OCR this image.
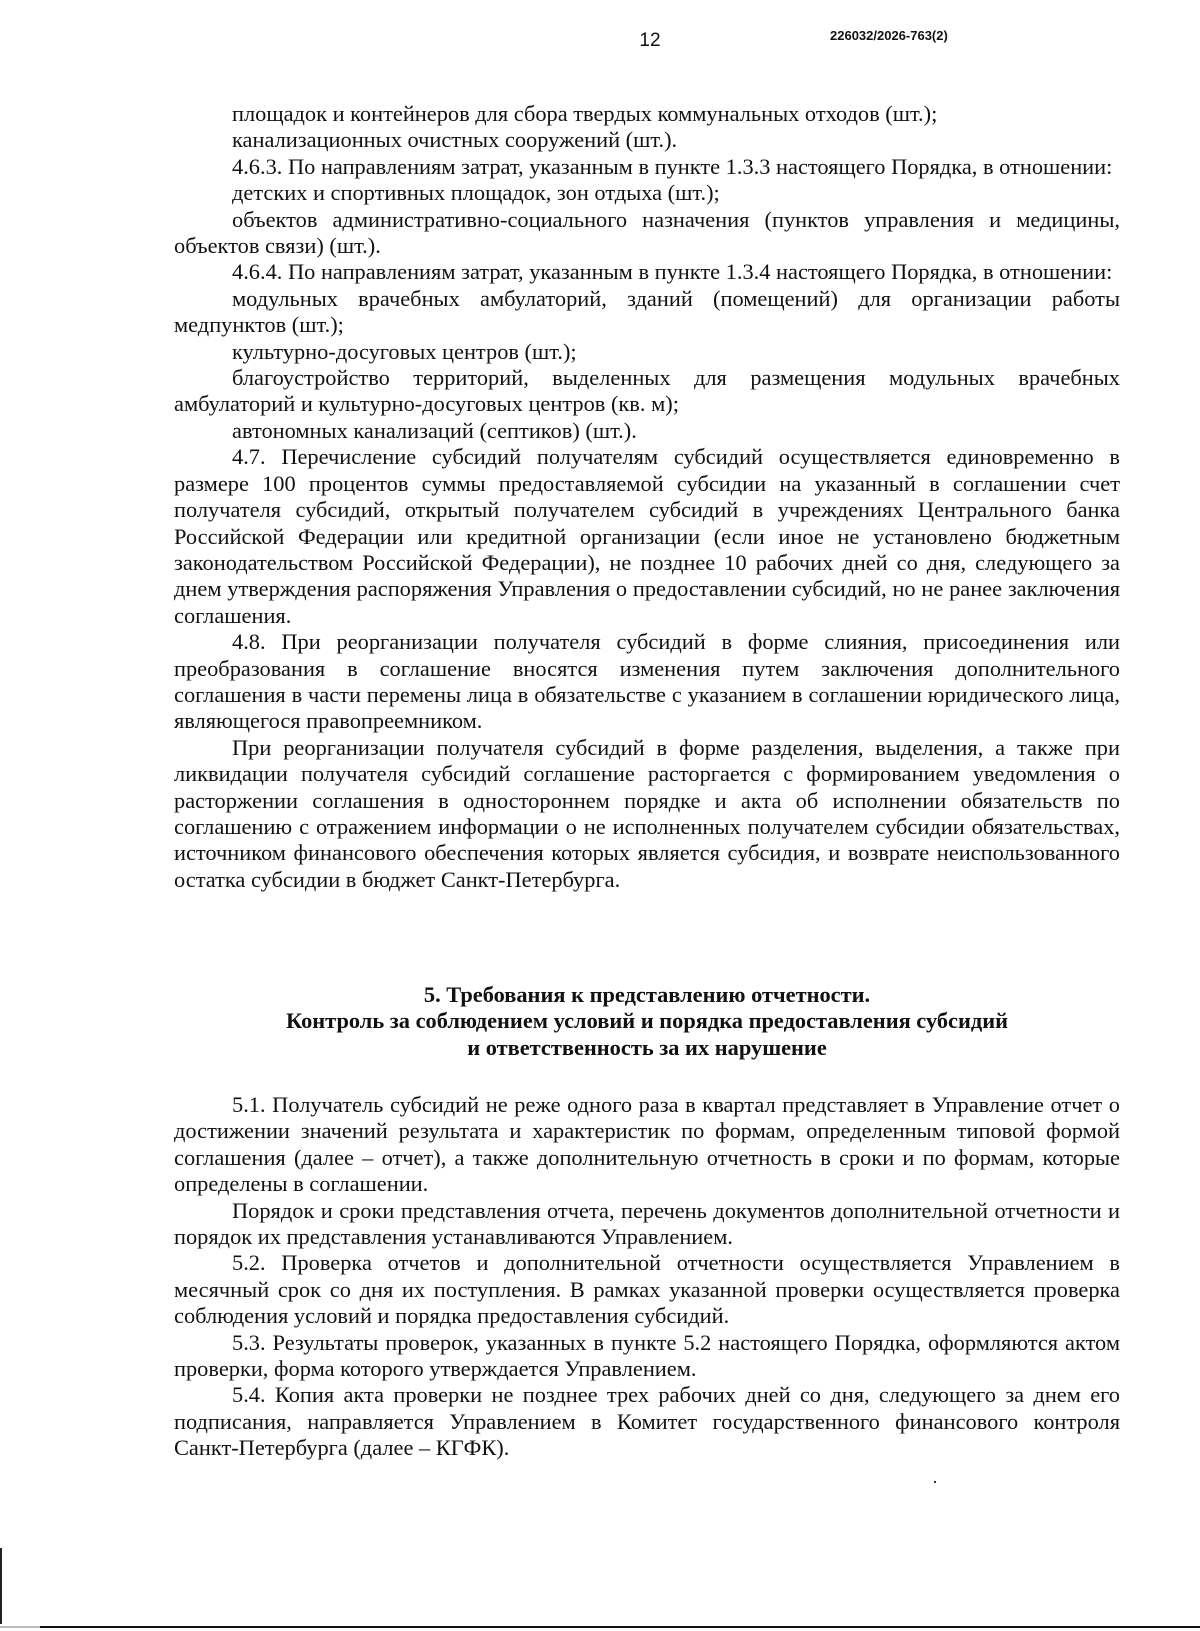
12	226032/2026-763(2)

площадок и контейнеров для сбора твердых коммунальных отходов (шт.);

канализационных очистных сооружений (шт.).

4.6.3. По направлениям затрат, указанным в пункте 1.3.3 настоящего Порядка, в отношении:

детских и спортивных площадок, зон отдыха (шт.);

объектов административно-социального назначения (пунктов управления и медицины, объектов связи) (шт.).

4.6.4. По направлениям затрат, указанным в пункте 1.3.4 настоящего Порядка, в отношении:

модульных врачебных амбулаторий, зданий (помещений) для организации работы медпунктов (шт.);

культурно-досуговых центров (шт.);

благоустройство территорий, выделенных для размещения модульных врачебных амбулаторий и культурно-досуговых центров (кв. м);

автономных канализаций (септиков) (шт.).

4.7. Перечисление субсидий получателям субсидий осуществляется единовременно в размере 100 процентов суммы предоставляемой субсидии на указанный в соглашении счет получателя субсидий, открытый получателем субсидий в учреждениях Центрального банка Российской Федерации или кредитной организации (если иное не установлено бюджетным законодательством Российской Федерации), не позднее 10 рабочих дней со дня, следующего за днем утверждения распоряжения Управления о предоставлении субсидий, но не ранее заключения соглашения.

4.8. При реорганизации получателя субсидий в форме слияния, присоединения или преобразования в соглашение вносятся изменения путем заключения дополнительного соглашения в части перемены лица в обязательстве с указанием в соглашении юридического лица, являющегося правопреемником.

При реорганизации получателя субсидий в форме разделения, выделения, а также при ликвидации получателя субсидий соглашение расторгается с формированием уведомления о расторжении соглашения в одностороннем порядке и акта об исполнении обязательств по соглашению с отражением информации о не исполненных получателем субсидии обязательствах, источником финансового обеспечения которых является субсидия, и возврате неиспользованного остатка субсидии в бюджет Санкт-Петербурга.

5. Требования к представлению отчетности.
Контроль за соблюдением условий и порядка предоставления субсидий
и ответственность за их нарушение

5.1. Получатель субсидий не реже одного раза в квартал представляет в Управление отчет о достижении значений результата и характеристик по формам, определенным типовой формой соглашения (далее – отчет), а также дополнительную отчетность в сроки и по формам, которые определены в соглашении.

Порядок и сроки представления отчета, перечень документов дополнительной отчетности и порядок их представления устанавливаются Управлением.

5.2. Проверка отчетов и дополнительной отчетности осуществляется Управлением в месячный срок со дня их поступления. В рамках указанной проверки осуществляется проверка соблюдения условий и порядка предоставления субсидий.

5.3. Результаты проверок, указанных в пункте 5.2 настоящего Порядка, оформляются актом проверки, форма которого утверждается Управлением.

5.4. Копия акта проверки не позднее трех рабочих дней со дня, следующего за днем его подписания, направляется Управлением в Комитет государственного финансового контроля Санкт-Петербурга (далее – КГФК).
